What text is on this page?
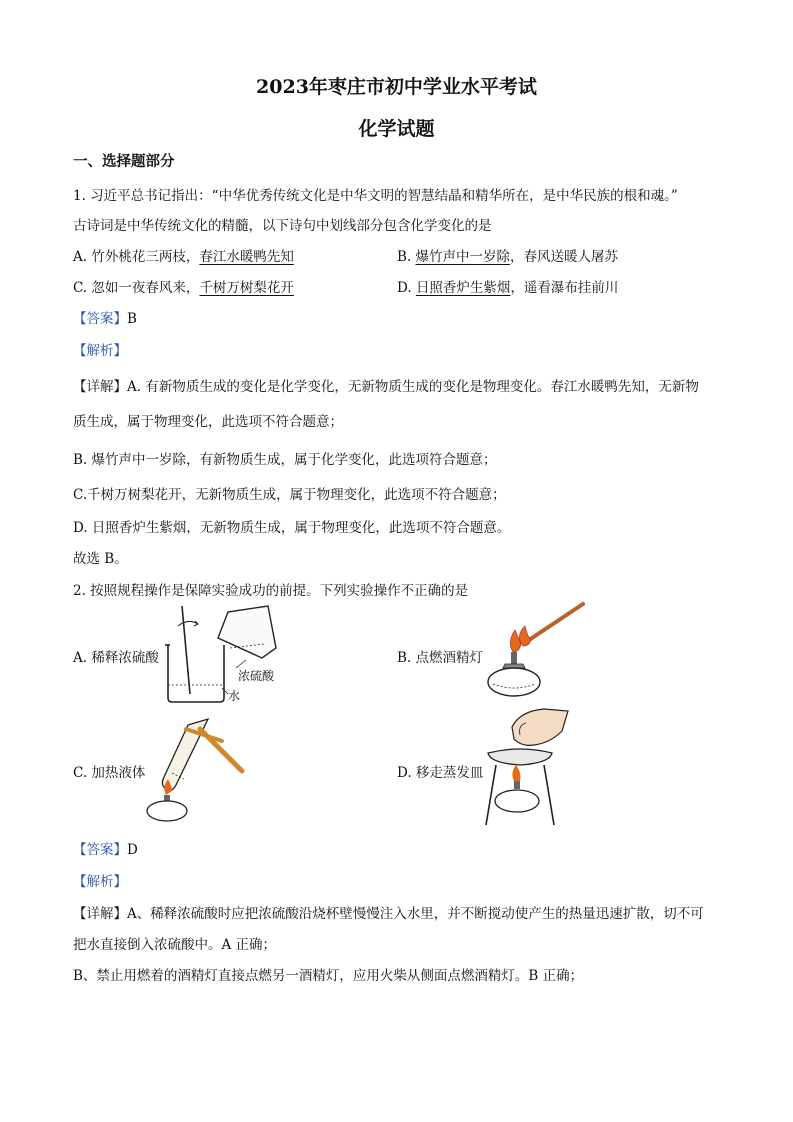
2023年枣庄市初中学业水平考试
化学试题
一、选择题部分
1. 习近平总书记指出：“中华优秀传统文化是中华文明的智慧结晶和精华所在，是中华民族的根和魂。”
古诗词是中华传统文化的精髓，以下诗句中划线部分包含化学变化的是
A. 竹外桃花三两枝，春江水暖鸭先知	B. 爆竹声中一岁除，春风送暖人屠苏
C. 忽如一夜春风来，千树万树梨花开	D. 日照香炉生紫烟，遥看瀑布挂前川
【答案】B
【解析】
【详解】A. 有新物质生成的变化是化学变化，无新物质生成的变化是物理变化。春江水暖鸭先知，无新物
质生成，属于物理变化，此选项不符合题意；
B. 爆竹声中一岁除，有新物质生成，属于化学变化，此选项符合题意；
C.千树万树梨花开，无新物质生成，属于物理变化，此选项不符合题意；
D. 日照香炉生紫烟，无新物质生成，属于物理变化，此选项不符合题意。
故选 B。
2. 按照规程操作是保障实验成功的前提。下列实验操作不正确的是
A. 稀释浓硫酸	B. 点燃酒精灯
C. 加热液体	D. 移走蒸发皿
浓硫酸
水
【答案】D
【解析】
【详解】A、稀释浓硫酸时应把浓硫酸沿烧杯壁慢慢注入水里，并不断搅动使产生的热量迅速扩散，切不可
把水直接倒入浓硫酸中。A 正确；
B、禁止用燃着的酒精灯直接点燃另一酒精灯，应用火柴从侧面点燃酒精灯。B 正确；
